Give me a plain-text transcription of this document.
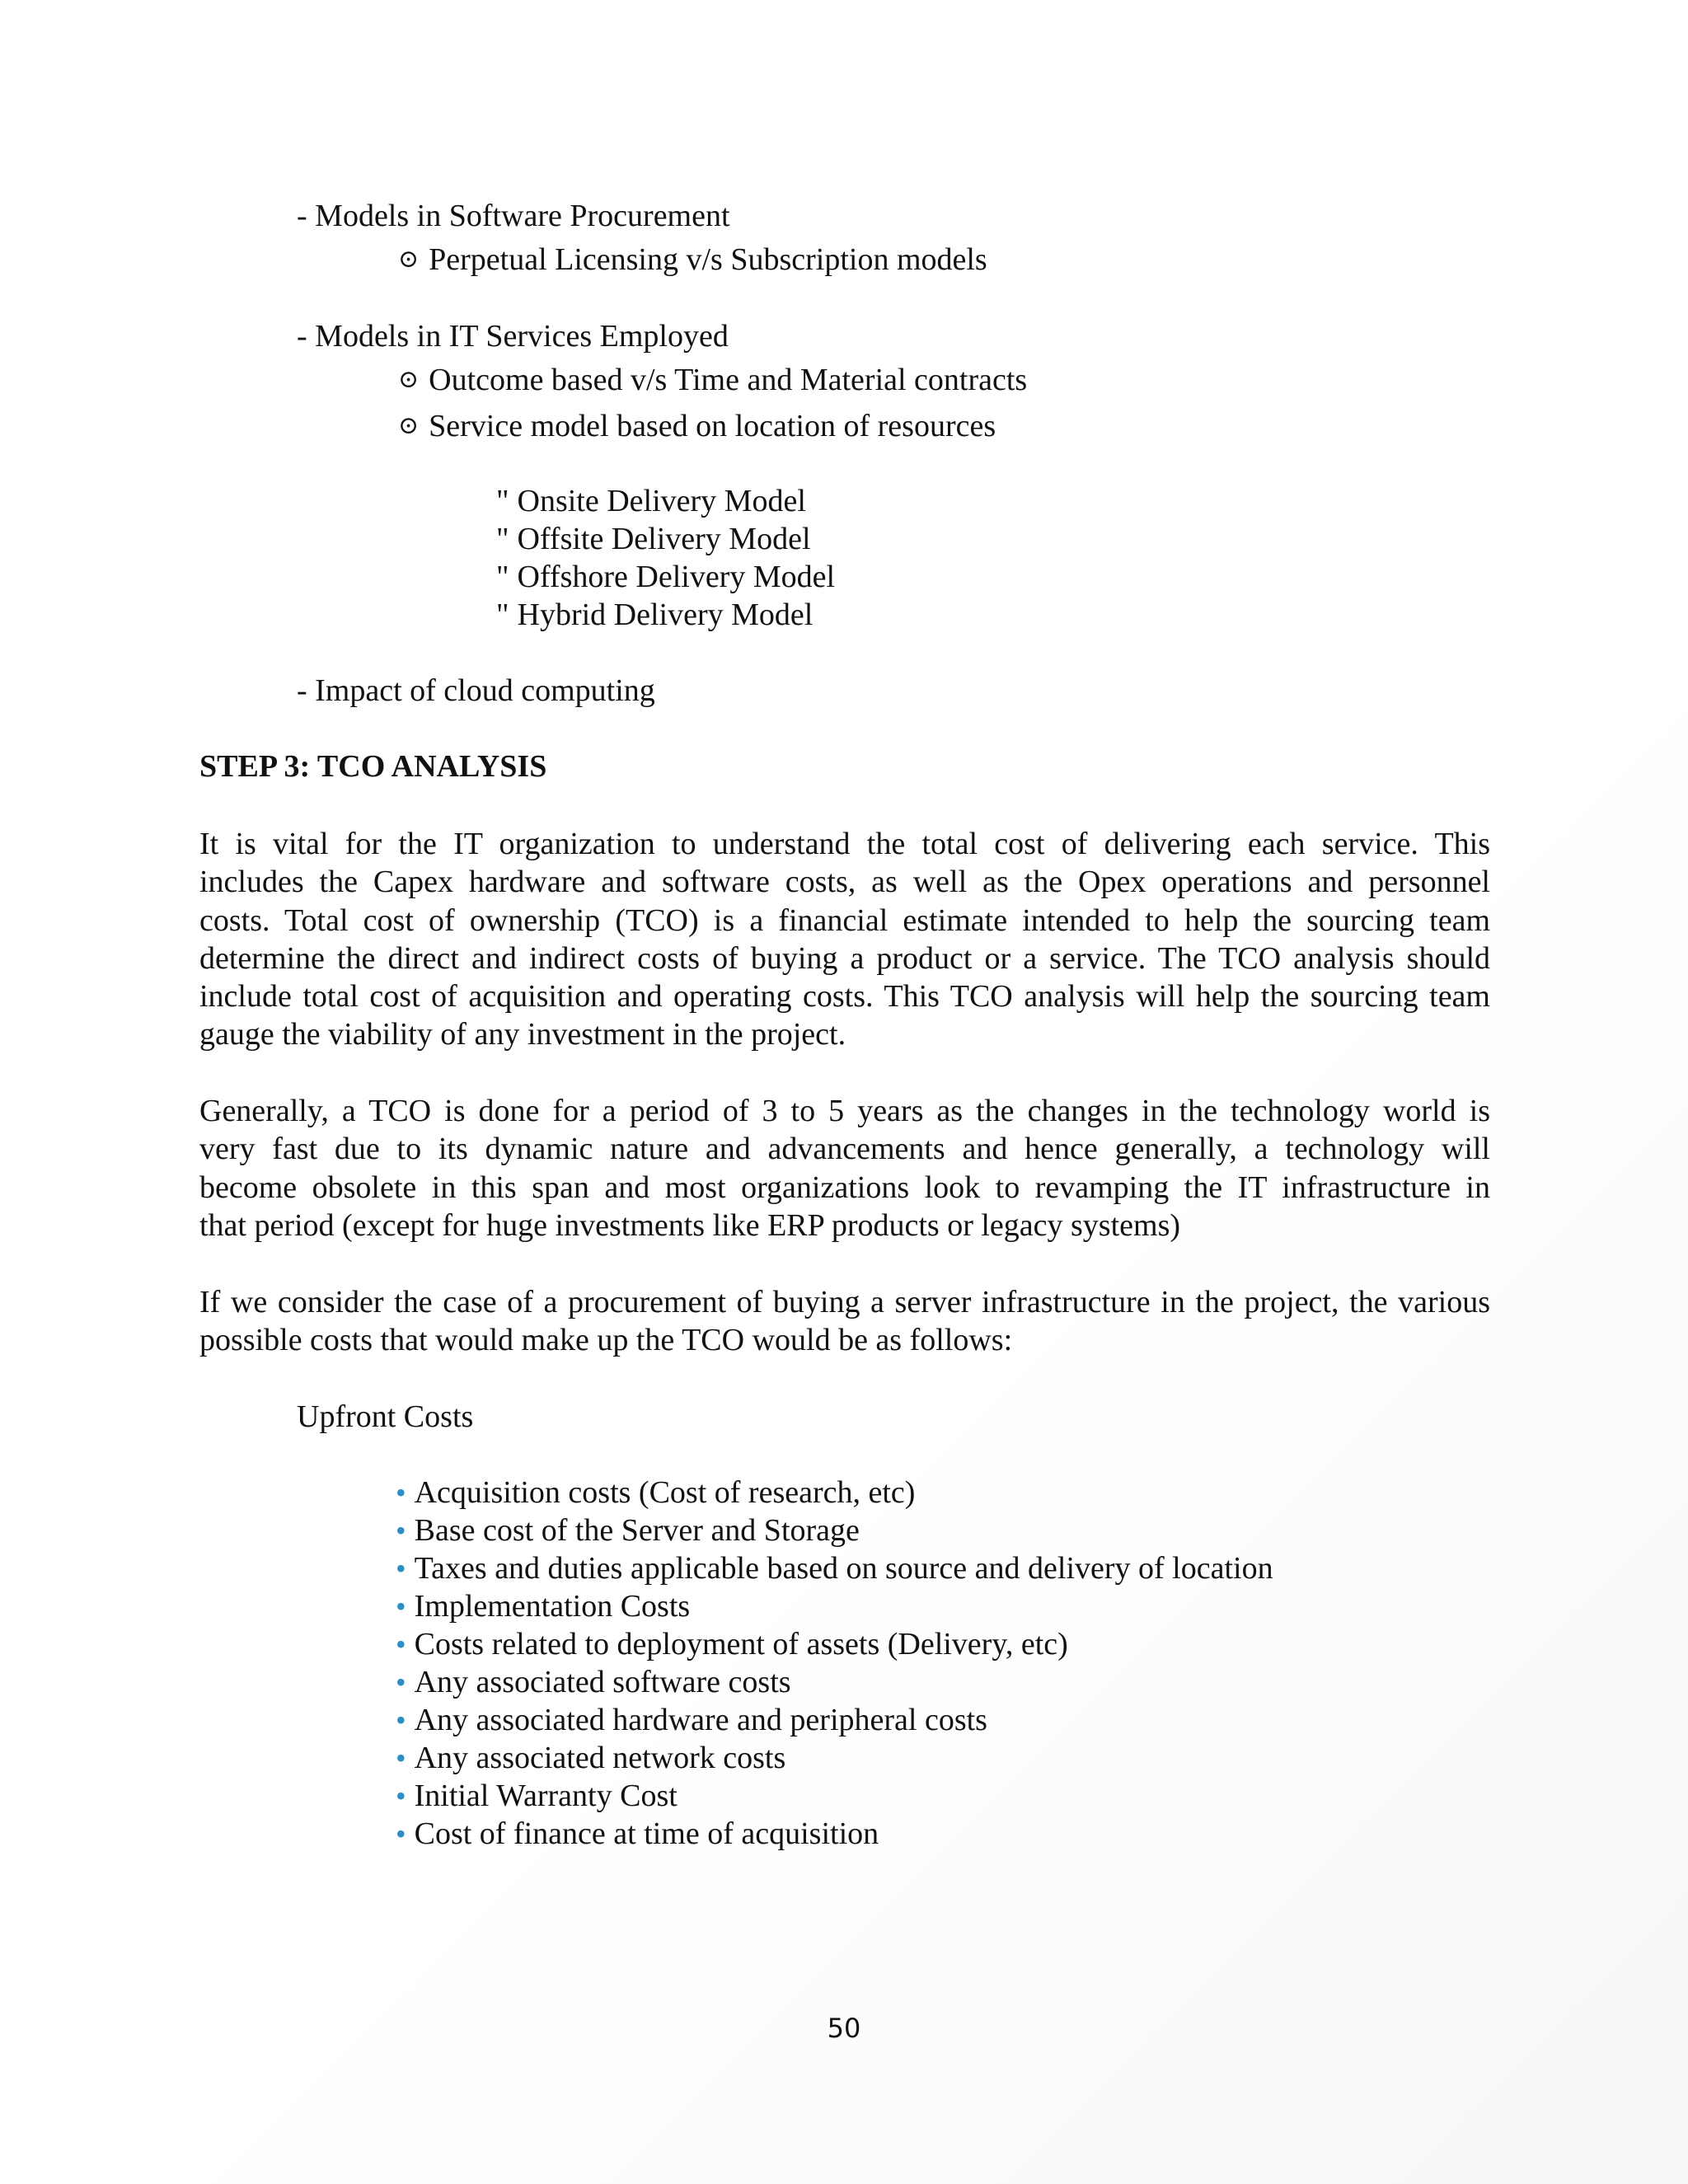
- Models in Software Procurement
⊙ Perpetual Licensing v/s Subscription models
- Models in IT Services Employed
⊙ Outcome based v/s Time and Material contracts
⊙ Service model based on location of resources
" Onsite Delivery Model
" Offsite Delivery Model
" Offshore Delivery Model
" Hybrid Delivery Model
- Impact of cloud computing
STEP 3: TCO ANALYSIS
It is vital for the IT organization to understand the total cost of delivering each service. This
includes the Capex hardware and software costs, as well as the Opex operations and personnel
costs. Total cost of ownership (TCO) is a financial estimate intended to help the sourcing team
determine the direct and indirect costs of buying a product or a service. The TCO analysis should
include total cost of acquisition and operating costs. This TCO analysis will help the sourcing team
gauge the viability of any investment in the project.
Generally, a TCO is done for a period of 3 to 5 years as the changes in the technology world is
very fast due to its dynamic nature and advancements and hence generally, a technology will
become obsolete in this span and most organizations look to revamping the IT infrastructure in
that period (except for huge investments like ERP products or legacy systems)
If we consider the case of a procurement of buying a server infrastructure in the project, the various
possible costs that would make up the TCO would be as follows:
Upfront Costs
• Acquisition costs (Cost of research, etc)
• Base cost of the Server and Storage
• Taxes and duties applicable based on source and delivery of location
• Implementation Costs
• Costs related to deployment of assets (Delivery, etc)
• Any associated software costs
• Any associated hardware and peripheral costs
• Any associated network costs
• Initial Warranty Cost
• Cost of finance at time of acquisition
50
